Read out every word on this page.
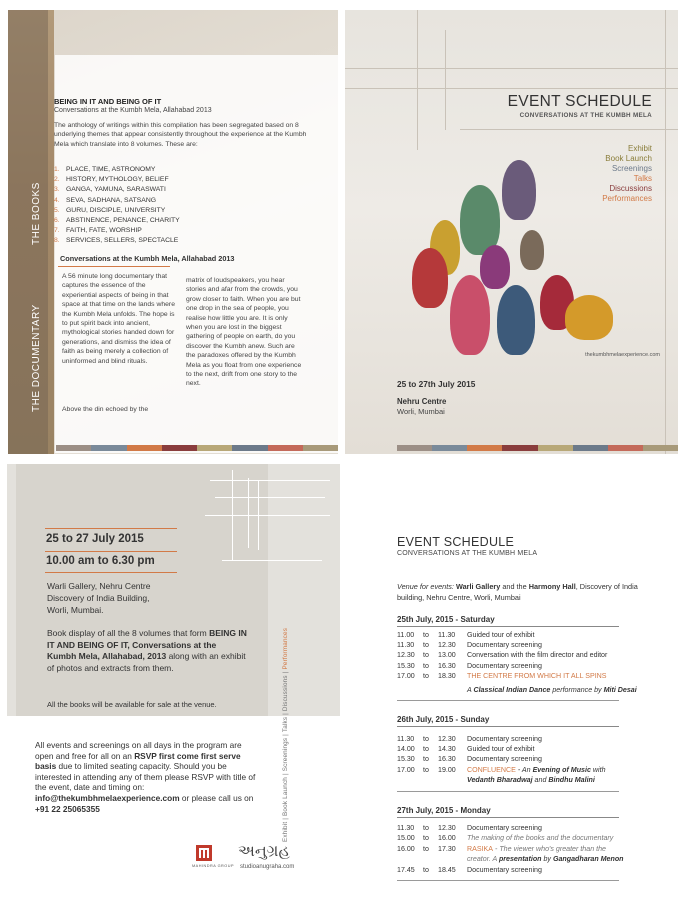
THE BOOKS
THE DOCUMENTARY
BEING IN IT AND BEING OF IT
Conversations at the Kumbh Mela, Allahabad 2013
The anthology of writings within this compilation has been segregated based on 8 underlying themes that appear consistently throughout the experience at the Kumbh Mela which translate into 8 volumes. These are:
1. PLACE, TIME, ASTRONOMY
2. HISTORY, MYTHOLOGY, BELIEF
3. GANGA, YAMUNA, SARASWATI
4. SEVA, SADHANA, SATSANG
5. GURU, DISCIPLE, UNIVERSITY
6. ABSTINENCE, PENANCE, CHARITY
7. FAITH, FATE, WORSHIP
8. SERVICES, SELLERS, SPECTACLE
Conversations at the Kumbh Mela, Allahabad 2013
A 56 minute long documentary that captures the essence of the experiential aspects of being in that space at that time on the lands where the Kumbh Mela unfolds. The hope is to put spirit back into ancient, mythological stories handed down for generations, and dismiss the idea of faith as being merely a collection of uninformed and blind rituals.
matrix of loudspeakers, you hear stories and afar from the crowds, you grow closer to faith. When you are but one drop in the sea of people, you realise how little you are. It is only when you are lost in the biggest gathering of people on earth, do you discover the Kumbh anew. Such are the paradoxes offered by the Kumbh Mela as you float from one experience to the next, drift from one story to the next.
Above the din echoed by the
EVENT SCHEDULE
CONVERSATIONS AT THE KUMBH MELA
Exhibit
Book Launch
Screenings
Talks
Discussions
Performances
thekumbhmelaexperience.com
25 to 27th July 2015
Nehru Centre
Worli, Mumbai
25 to 27 July 2015
10.00 am to 6.30 pm
Warli Gallery, Nehru Centre
Discovery of India Building,
Worli, Mumbai.
Book display of all the 8 volumes that form BEING IN IT AND BEING OF IT, Conversations at the Kumbh Mela, Allahabad, 2013 along with an exhibit of photos and extracts from them.
All the books will be available for sale at the venue.
All events and screenings on all days in the program are open and free for all on an RSVP first come first serve basis due to limited seating capacity. Should you be interested in attending any of them please RSVP with title of the event, date and timing on: info@thekumbhmelaexperience.com or please call us on +91 22 25065355	Exhibit | Book Launch | Screenings | Talks | Discussions | Performances
MAHINDRA GROUP
અનુગ્રહ
studioanugraha.com
EVENT SCHEDULE
CONVERSATIONS AT THE KUMBH MELA
Venue for events: Warli Gallery and the Harmony Hall, Discovery of India building, Nehru Centre, Worli, Mumbai
25th July, 2015 - Saturday
11.00 to 11.30 Guided tour of exhibit
11.30 to 12.30 Documentary screening
12.30 to 13.00 Conversation with the film director and editor
15.30 to 16.30 Documentary screening
17.00 to 18.30 THE CENTRE FROM WHICH IT ALL SPINS
A Classical Indian Dance performance by Miti Desai
26th July, 2015 - Sunday
11.30 to 12.30 Documentary screening
14.00 to 14.30 Guided tour of exhibit
15.30 to 16.30 Documentary screening
17.00 to 19.00 CONFLUENCE - An Evening of Music with
Vedanth Bharadwaj and Bindhu Malini
27th July, 2015 - Monday
11.30 to 12.30 Documentary screening
15.00 to 16.00 The making of the books and the documentary
16.00 to 17.30 RASIKA - The viewer who's greater than the
creator. A presentation by Gangadharan Menon
17.45 to 18.45 Documentary screening
